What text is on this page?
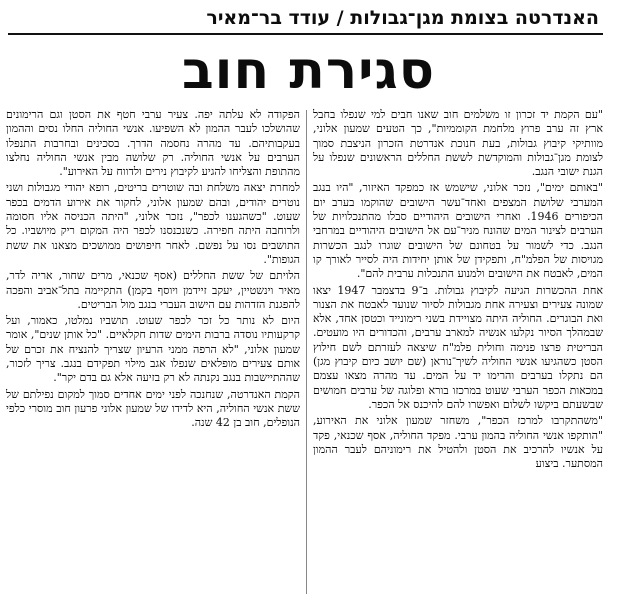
האנדרטה בצומת מגן־גבולות / עודד בר־מאיר
סגירת חוב

"עם הקמת יד זכרון זו משלמים חוב שאנו חבים למי שנפלו בחבל ארץ זה ערב פרוץ מלחמת הקוממיות", כך הטעים שמעון אלוני, מוותיקי קיבוץ גבולות, בעת חנוכת אנדרטת הזכרון הניצבת סמוך לצומת מגן־גבולות והמוקדשת לששת החללים הראשונים שנפלו על הגנת ישובי הנגב.

"באותם ימים", נזכר אלוני, שישמש אז כמפקד האיזור, "היו בנגב המערבי שלושת המצפים ואחד־עשר הישובים שהוקמו בערב יום הכיפורים 1946. ואחרי הישובים היהודיים סבלו מהתנכלויות של הערבים לצינור המים שהונח מניר־עם אל הישובים היהודיים במרחבי הנגב. כדי לשמור על בטחונם של הישובים שוגרו לנגב הכשרות מגויסות של הפלמ"ח, ותפקידן של אותן יחידות היה לסייר לאורך קו המים, לאבטח את הישובים ולמנוע התנכלות ערבית להם".

אחת ההכשרות הגיעה לקיבוץ גבולות. ב־9 בדצמבר 1947 יצאו שמונה צעירים וצעירה אחת מגבולות לסיור שנועד לאבטח את הצנור ואת הבוגרים. החוליה היתה מצויידת בשני רימונייד וכטסן אחד, אלא שבמהלך הסיור נקלעו אנשיה למארב ערבים, והכדורים היו מועטים. הבריטית פרצו פנימה וחולית פלמ"ח שיצאה לעזרתם לשם חילוץ הסטן כשהגיעו אנשי החוליה לשיך־נוראן (שם יושב כיום קיבוץ מגן) הם נתקלו בערבים והרימו יד על המים. עד מהרה מצאו עצמם במכאות הכפר הערבי שעוט במרכזו בורא ופלוגה של ערבים חמושים שבשעתם ביקשו לשלום ואפשרו להם להיכנס אל הכפר.

"משהתקרבו למרכז הכפר", משחזר שמעון אלוני את האירוע, "הותקפו אנשי החוליה בהמון ערבי. מפקד החוליה, אסף שכנאי, פקד על אנשיו להרכיב את הסטן ולהטיל את רימוניהם לעבר ההמון המסתער. ביצוע

הפקודה לא עלתה יפה. צעיר ערבי חטף את הסטן וגם הרימונים שהושלכו לעבר ההמון לא השפיעו. אנשי החוליה החלו נסים וההמון בעקבותיהם. עד מהרה נחסמה הדרך. בסכינים ובחרבות התנפלו הערבים על אנשי החוליה. רק שלושה מבין אנשי החוליה נחלצו מהתופת והצליחו להגיע לקיבוץ נירים ולדווח על האירוע".

למחרת יצאה משלחת ובה שוטרים בריטים, רופא יהודי מגבולות ושני נוטרים יהודים, ובהם שמעון אלוני, לחקור את אירוע הדמים בכפר שעוט. "כשהגענו לכפר", נזכר אלוני, "היתה הכניסה אליו חסומה ולרוחבה היתה חפירה. כשנכנסנו לכפר היה המקום ריק מיושביו. כל התושבים נסו על נפשם. לאחר חיפושים ממושכים מצאנו את ששת הגופות".

הלויתם של ששת החללים (אסף שכנאי, מרים שחור, אריה לדר, מאיר וינשטיין, יעקב זיידמן ויוסף בקמן) התקיימה בתל־אביב והפכה להפגנת הזדהות עם הישוב העברי בנגב מול הבריטים.

היום לא נותר כל זכר לכפר שעוט. תושביו נמלטו, כאמור, ועל קרקעותיו נוסדה ברבות הימים שדות חקלאיים. "כל אותן שנים", אומר שמעון אלוני, "לא הרפה ממני הרעיון שצריך להנציח את זכרם של אותם צעירים מופלאים שנפלו אגב מילוי תפקידם בנגב. צריך לזכור, שההתיישבות בנגב נקנתה לא רק בזיעה אלא גם בדם יקר".

הקמת האנדרטה, שנחנכה לפני ימים אחדים סמוך למקום נפילתם של ששת אנשי החוליה, היא לדידו של שמעון אלוני פרעון חוב מוסרי כלפי הנופלים, חוב בן 42 שנה.
